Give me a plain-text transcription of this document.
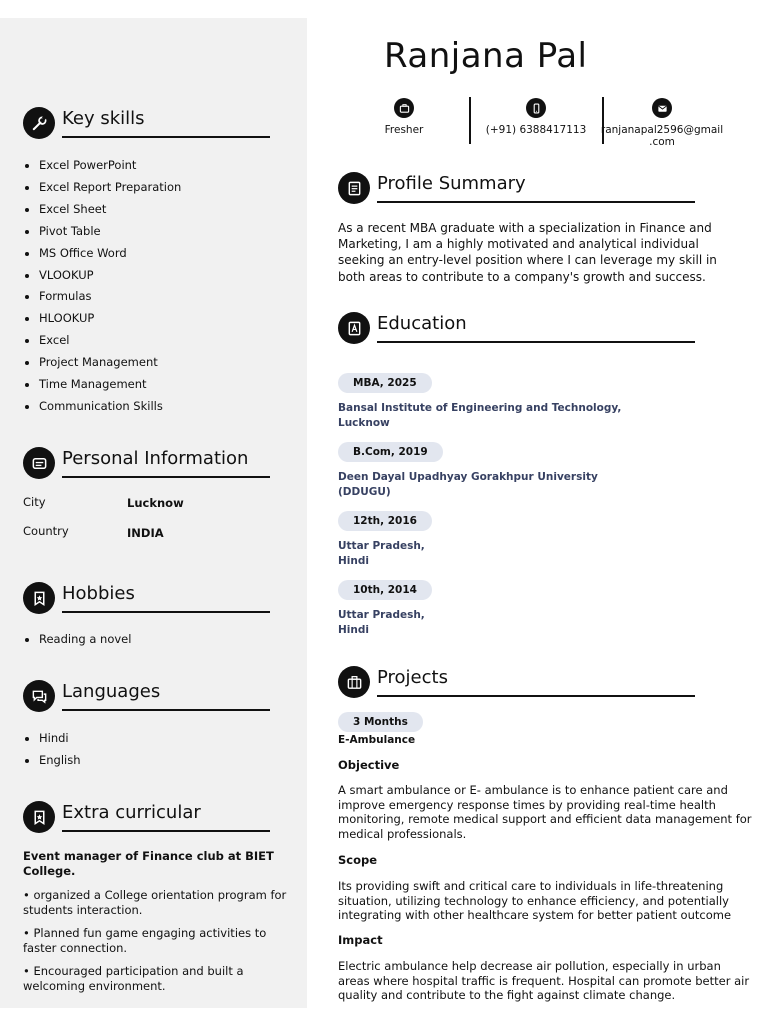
Ranjana Pal
Fresher	(+91) 6388417113	ranjanapal2596@gmail
.com
Key skills
Excel PowerPoint
Excel Report Preparation
Excel Sheet
Pivot Table
MS Office Word
VLOOKUP
Formulas
HLOOKUP
Excel
Project Management
Time Management
Communication Skills
Personal Information
City	Lucknow
Country	INDIA
Hobbies
Reading a novel
Languages
Hindi
English
Extra curricular
Event manager of Finance club at BIET
College.
• organized a College orientation program for
students interaction.
• Planned fun game engaging activities to
faster connection.
• Encouraged participation and built a
welcoming environment.
Profile Summary
As a recent MBA graduate with a specialization in Finance and
Marketing, I am a highly motivated and analytical individual
seeking an entry-level position where I can leverage my skill in
both areas to contribute to a company's growth and success.
Education
MBA, 2025
Bansal Institute of Engineering and Technology,
Lucknow
B.Com, 2019
Deen Dayal Upadhyay Gorakhpur University
(DDUGU)
12th, 2016
Uttar Pradesh,
Hindi
10th, 2014
Uttar Pradesh,
Hindi
Projects
3 Months
E-Ambulance
Objective
A smart ambulance or E- ambulance is to enhance patient care and
improve emergency response times by providing real-time health
monitoring, remote medical support and efficient data management for
medical professionals.
Scope
Its providing swift and critical care to individuals in life-threatening
situation, utilizing technology to enhance efficiency, and potentially
integrating with other healthcare system for better patient outcome
Impact
Electric ambulance help decrease air pollution, especially in urban
areas where hospital traffic is frequent. Hospital can promote better air
quality and contribute to the fight against climate change.
